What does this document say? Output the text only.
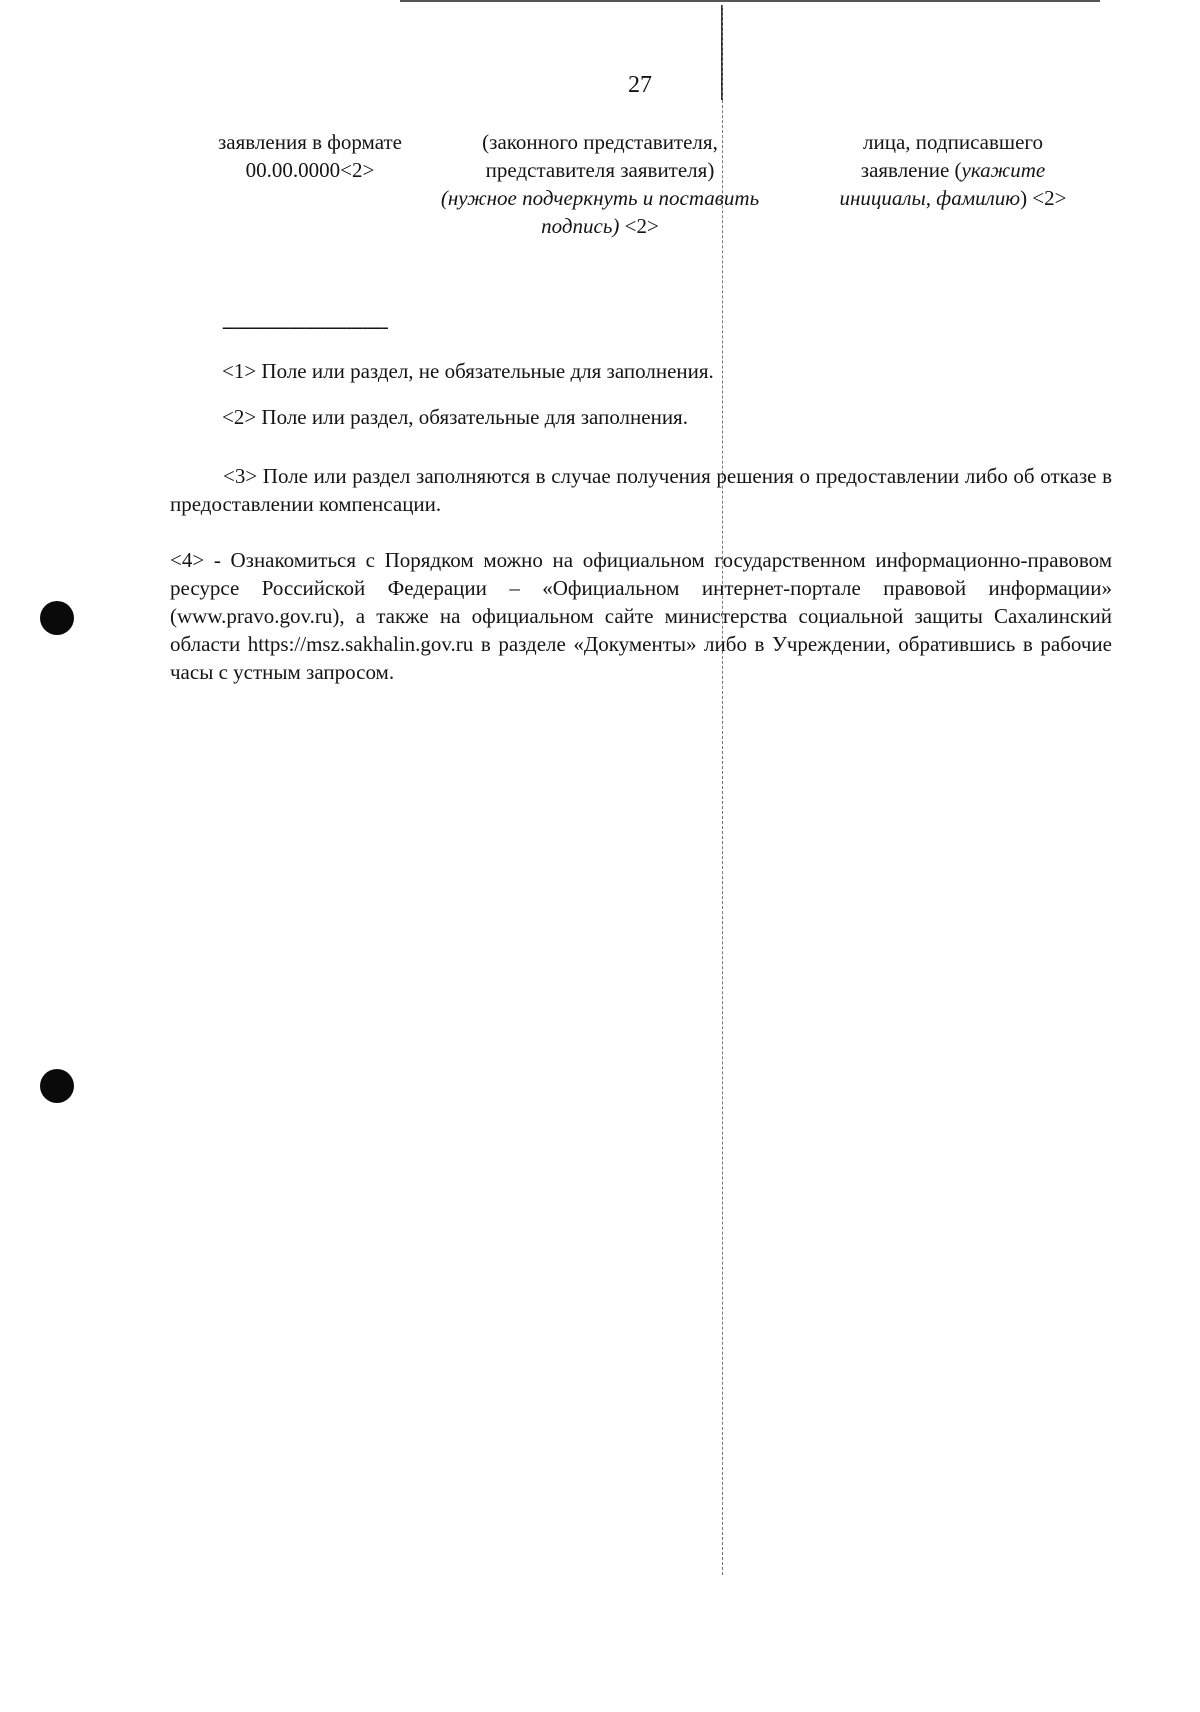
27
заявления в формате
00.00.0000<2>
(законного представителя,
представителя заявителя)
(нужное подчеркнуть и поставить
подпись) <2>
лица, подписавшего
заявление (укажите
инициалы, фамилию) <2>
--------------------------------
<1> Поле или раздел, не обязательные для заполнения.
<2> Поле или раздел, обязательные для заполнения.
<3> Поле или раздел заполняются в случае получения решения о предоставлении либо об отказе в предоставлении компенсации.
<4> - Ознакомиться с Порядком можно на официальном государственном информационно-правовом ресурсе Российской Федерации – «Официальном интернет-портале правовой информации» (www.pravo.gov.ru), а также на официальном сайте министерства социальной защиты Сахалинский области https://msz.sakhalin.gov.ru в разделе «Документы» либо в Учреждении, обратившись в рабочие часы с устным запросом.
